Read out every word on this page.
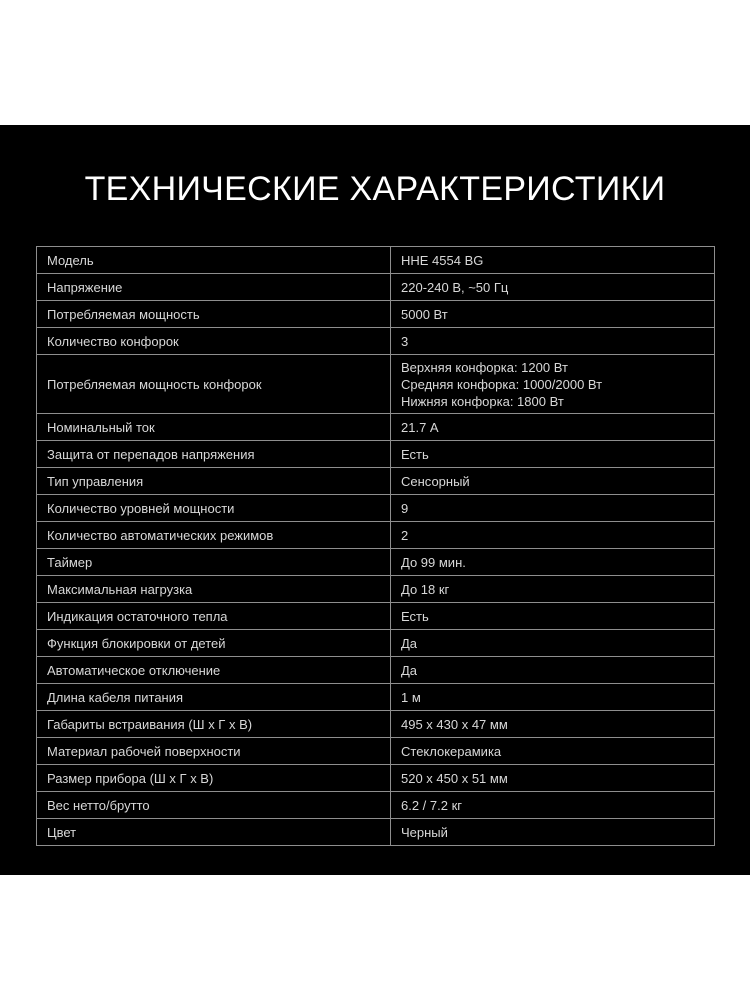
ТЕХНИЧЕСКИЕ ХАРАКТЕРИСТИКИ
Модель	HHE 4554 BG

Напряжение	220-240 В, ~50 Гц

Потребляемая мощность	5000 Вт

Количество конфорок	3

Потребляемая мощность конфорок	Верхняя конфорка: 1200 Вт
Средняя конфорка: 1000/2000 Вт
Нижняя конфорка: 1800 Вт

Номинальный ток	21.7 А

Защита от перепадов напряжения	Есть

Тип управления	Сенсорный

Количество уровней мощности	9

Количество автоматических режимов	2

Таймер	До 99 мин.

Максимальная нагрузка	До 18 кг

Индикация остаточного тепла	Есть

Функция блокировки от детей	Да

Автоматическое отключение	Да

Длина кабеля питания	1 м

Габариты встраивания (Ш х Г х В)	495 х 430 х 47 мм

Материал рабочей поверхности	Стеклокерамика

Размер прибора (Ш х Г х В)	520 х 450 х 51 мм

Вес нетто/брутто	6.2 / 7.2 кг

Цвет	Черный
